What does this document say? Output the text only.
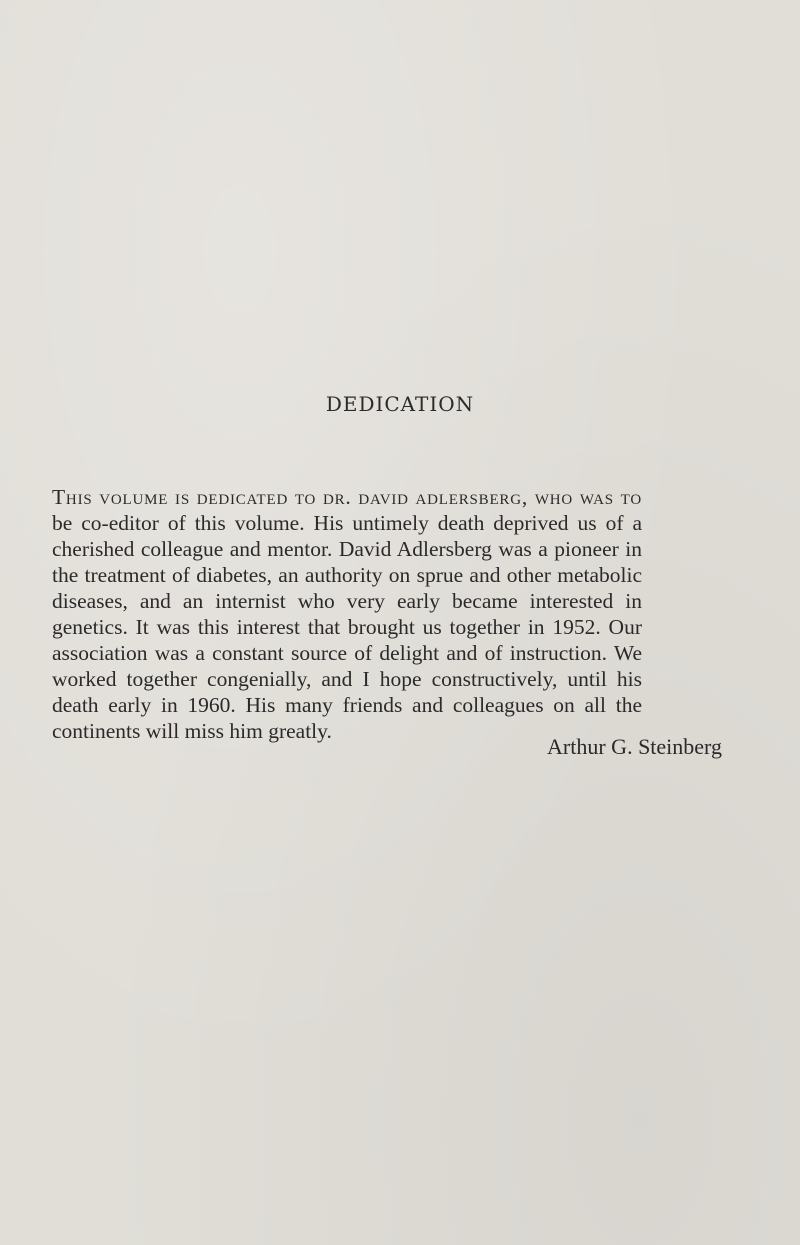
DEDICATION

This volume is dedicated to dr. david adlersberg, who was to be co-editor of this volume. His untimely death deprived us of a cherished colleague and mentor. David Adlersberg was a pioneer in the treatment of diabetes, an authority on sprue and other metabolic diseases, and an internist who very early became interested in genetics. It was this interest that brought us together in 1952. Our association was a constant source of delight and of instruction. We worked together congenially, and I hope constructively, until his death early in 1960. His many friends and colleagues on all the continents will miss him greatly.

Arthur G. Steinberg
